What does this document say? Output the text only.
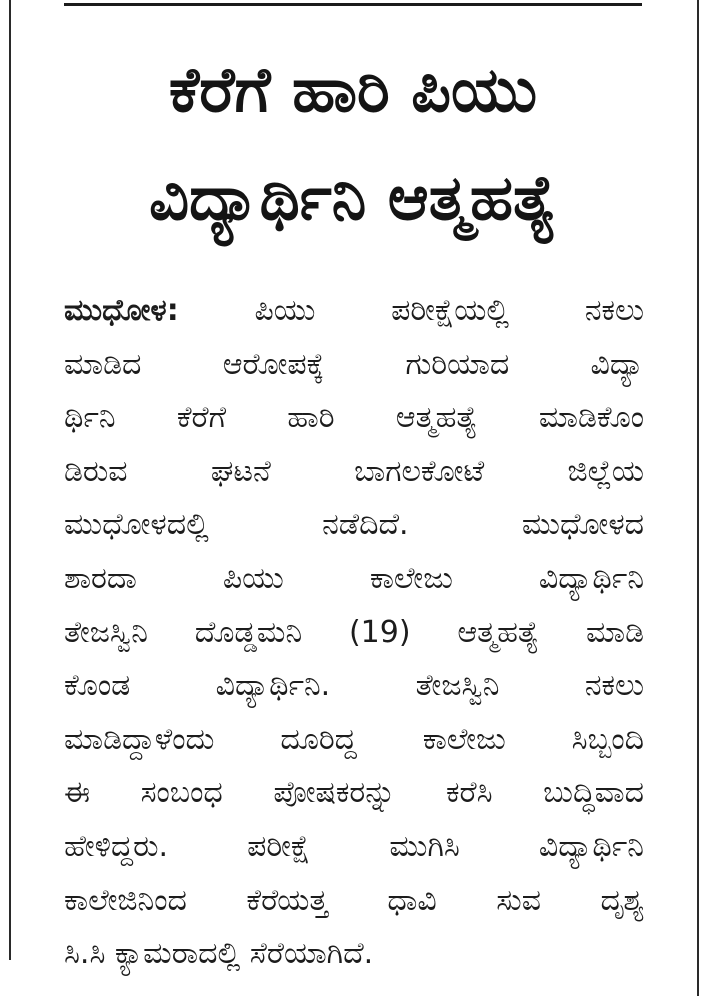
ಕೆರೆಗೆ ಹಾರಿ ಪಿಯು
ವಿದ್ಯಾರ್ಥಿನಿ ಆತ್ಮಹತ್ಯೆ
ಮುಧೋಳ:	ಪಿಯು ಪರೀಕ್ಷೆಯಲ್ಲಿ ನಕಲು
ಮಾಡಿದ ಆರೋಪಕ್ಕೆ ಗುರಿಯಾದ ವಿದ್ಯಾ
ರ್ಥಿನಿ ಕೆರೆಗೆ ಹಾರಿ ಆತ್ಮಹತ್ಯೆ ಮಾಡಿಕೊಂ
ಡಿರುವ ಘಟನೆ ಬಾಗಲಕೋಟೆ ಜಿಲ್ಲೆಯ
ಮುಧೋಳದಲ್ಲಿ ನಡೆದಿದೆ. ಮುಧೋಳದ
ಶಾರದಾ ಪಿಯು ಕಾಲೇಜು ವಿದ್ಯಾರ್ಥಿನಿ
ತೇಜಸ್ವಿನಿ ದೊಡ್ಡಮನಿ (19) ಆತ್ಮಹತ್ಯೆ ಮಾಡಿ
ಕೊಂಡ ವಿದ್ಯಾರ್ಥಿನಿ. ತೇಜಸ್ವಿನಿ ನಕಲು
ಮಾಡಿದ್ದಾಳೆಂದು ದೂರಿದ್ದ ಕಾಲೇಜು ಸಿಬ್ಬಂದಿ
ಈ ಸಂಬಂಧ ಪೋಷಕರನ್ನು ಕರೆಸಿ ಬುದ್ಧಿವಾದ
ಹೇಳಿದ್ದರು. ಪರೀಕ್ಷೆ ಮುಗಿಸಿ ವಿದ್ಯಾರ್ಥಿನಿ
ಕಾಲೇಜಿನಿಂದ ಕೆರೆಯತ್ತ ಧಾವಿ ಸುವ ದೃಶ್ಯ
ಸಿ.ಸಿ ಕ್ಯಾಮರಾದಲ್ಲಿ ಸೆರೆಯಾಗಿದೆ.
